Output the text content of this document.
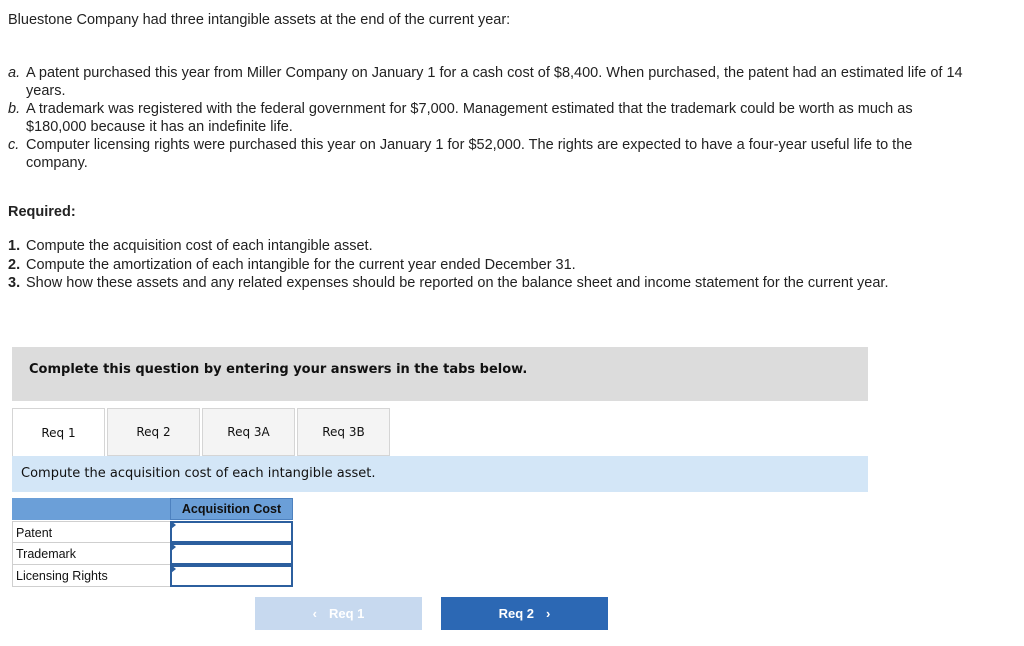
Bluestone Company had three intangible assets at the end of the current year:
a. A patent purchased this year from Miller Company on January 1 for a cash cost of $8,400. When purchased, the patent had an estimated life of 14 years.
b. A trademark was registered with the federal government for $7,000. Management estimated that the trademark could be worth as much as $180,000 because it has an indefinite life.
c. Computer licensing rights were purchased this year on January 1 for $52,000. The rights are expected to have a four-year useful life to the company.
Required:
1. Compute the acquisition cost of each intangible asset.
2. Compute the amortization of each intangible for the current year ended December 31.
3. Show how these assets and any related expenses should be reported on the balance sheet and income statement for the current year.
Complete this question by entering your answers in the tabs below.
Req 1	Req 2	Req 3A	Req 3B
Compute the acquisition cost of each intangible asset.
Acquisition Cost
Patent
Trademark
Licensing Rights
‹ Req 1	Req 2 ›
